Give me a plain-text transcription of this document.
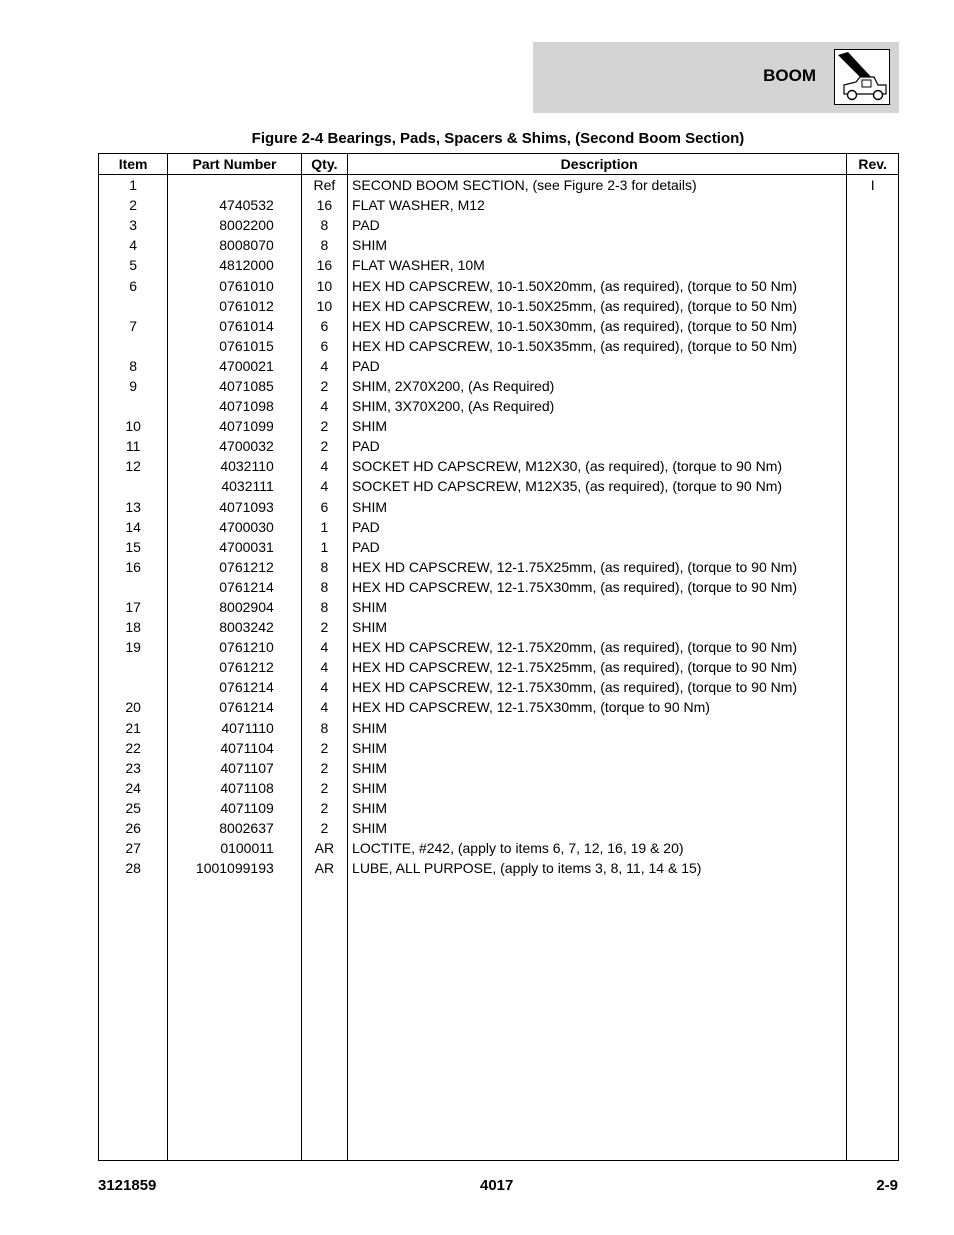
BOOM
Figure 2-4 Bearings, Pads, Spacers & Shims, (Second Boom Section)
Item	Part Number	Qty.	Description	Rev.
1		Ref	SECOND BOOM SECTION, (see Figure 2-3 for details)	I
2	4740532	16	FLAT WASHER, M12	
3	8002200	8	PAD	
4	8008070	8	SHIM	
5	4812000	16	FLAT WASHER, 10M	
6	0761010	10	HEX HD CAPSCREW, 10-1.50X20mm, (as required), (torque to 50 Nm)	
	0761012	10	HEX HD CAPSCREW, 10-1.50X25mm, (as required), (torque to 50 Nm)	
7	0761014	6	HEX HD CAPSCREW, 10-1.50X30mm, (as required), (torque to 50 Nm)	
	0761015	6	HEX HD CAPSCREW, 10-1.50X35mm, (as required), (torque to 50 Nm)	
8	4700021	4	PAD	
9	4071085	2	SHIM, 2X70X200, (As Required)	
	4071098	4	SHIM, 3X70X200, (As Required)	
10	4071099	2	SHIM	
11	4700032	2	PAD	
12	4032110	4	SOCKET HD CAPSCREW, M12X30, (as required), (torque to 90 Nm)	
	4032111	4	SOCKET HD CAPSCREW, M12X35, (as required), (torque to 90 Nm)	
13	4071093	6	SHIM	
14	4700030	1	PAD	
15	4700031	1	PAD	
16	0761212	8	HEX HD CAPSCREW, 12-1.75X25mm, (as required), (torque to 90 Nm)	
	0761214	8	HEX HD CAPSCREW, 12-1.75X30mm, (as required), (torque to 90 Nm)	
17	8002904	8	SHIM	
18	8003242	2	SHIM	
19	0761210	4	HEX HD CAPSCREW, 12-1.75X20mm, (as required), (torque to 90 Nm)	
	0761212	4	HEX HD CAPSCREW, 12-1.75X25mm, (as required), (torque to 90 Nm)	
	0761214	4	HEX HD CAPSCREW, 12-1.75X30mm, (as required), (torque to 90 Nm)	
20	0761214	4	HEX HD CAPSCREW, 12-1.75X30mm, (torque to 90 Nm)	
21	4071110	8	SHIM	
22	4071104	2	SHIM	
23	4071107	2	SHIM	
24	4071108	2	SHIM	
25	4071109	2	SHIM	
26	8002637	2	SHIM	
27	0100011	AR	LOCTITE, #242, (apply to items 6, 7, 12, 16, 19 & 20)	
28	1001099193	AR	LUBE, ALL PURPOSE, (apply to items 3, 8, 11, 14 & 15)	

3121859	4017	2-9
